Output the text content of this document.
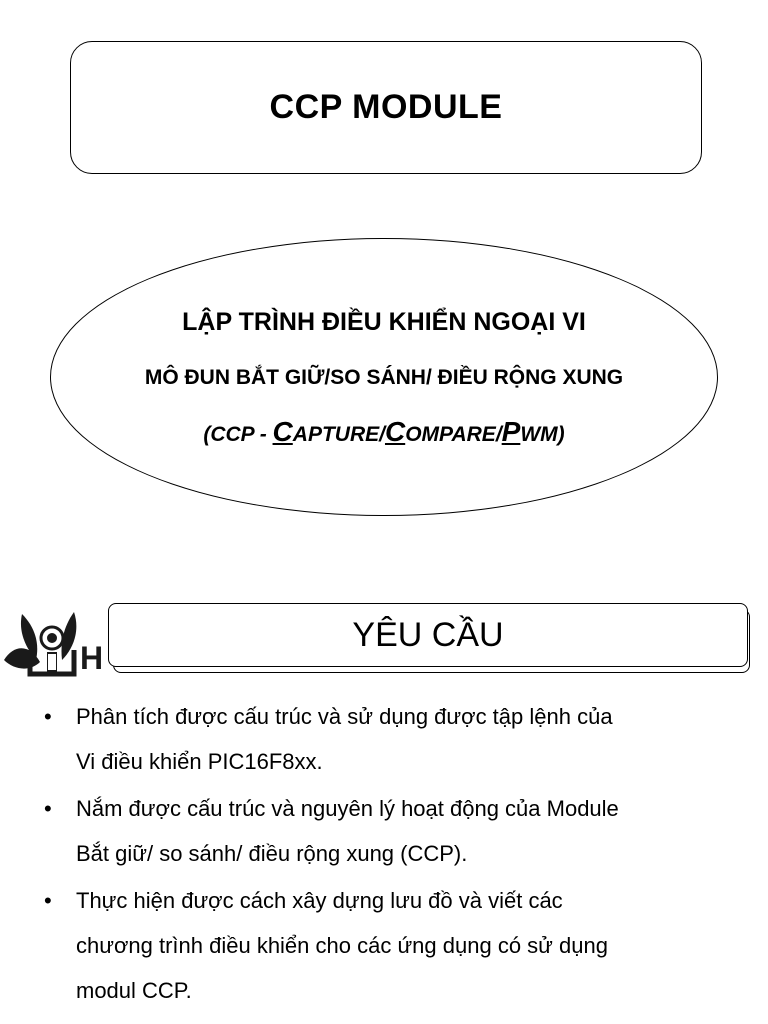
CCP MODULE
LẬP TRÌNH ĐIỀU KHIỂN NGOẠI VI
MÔ ĐUN BẮT GIỮ/SO SÁNH/ ĐIỀU RỘNG XUNG
(CCP - CAPTURE/COMPARE/PWM)
H
YÊU CẦU
• Phân tích được cấu trúc và sử dụng được tập lệnh của
Vi điều khiển PIC16F8xx.
• Nắm được cấu trúc và nguyên lý hoạt động của Module
Bắt giữ/ so sánh/ điều rộng xung (CCP).
• Thực hiện được cách xây dựng lưu đồ và viết các
chương trình điều khiển cho các ứng dụng có sử dụng
modul CCP.
